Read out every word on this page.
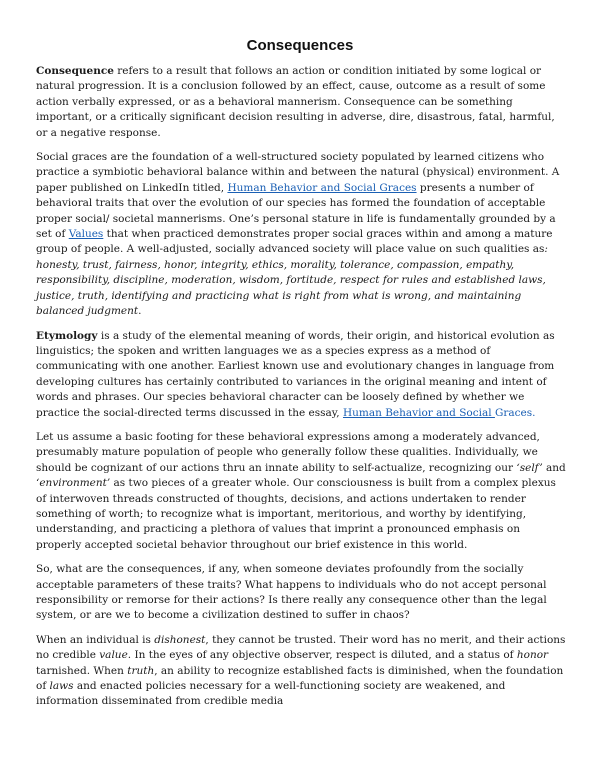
Consequences

Consequence refers to a result that follows an action or condition initiated by some logical or natural progression. It is a conclusion followed by an effect, cause, outcome as a result of some action verbally expressed, or as a behavioral mannerism. Consequence can be something important, or a critically significant decision resulting in adverse, dire, disastrous, fatal, harmful, or a negative response.

Social graces are the foundation of a well-structured society populated by learned citizens who practice a symbiotic behavioral balance within and between the natural (physical) environment. A paper published on LinkedIn titled, Human Behavior and Social Graces presents a number of behavioral traits that over the evolution of our species has formed the foundation of acceptable proper social/ societal mannerisms. One’s personal stature in life is fundamentally grounded by a set of Values that when practiced demonstrates proper social graces within and among a mature group of people. A well-adjusted, socially advanced society will place value on such qualities as: honesty, trust, fairness, honor, integrity, ethics, morality, tolerance, compassion, empathy, responsibility, discipline, moderation, wisdom, fortitude, respect for rules and established laws, justice, truth, identifying and practicing what is right from what is wrong, and maintaining balanced judgment.

Etymology is a study of the elemental meaning of words, their origin, and historical evolution as linguistics; the spoken and written languages we as a species express as a method of communicating with one another. Earliest known use and evolutionary changes in language from developing cultures has certainly contributed to variances in the original meaning and intent of words and phrases. Our species behavioral character can be loosely defined by whether we practice the social-directed terms discussed in the essay, Human Behavior and Social Graces.

Let us assume a basic footing for these behavioral expressions among a moderately advanced, presumably mature population of people who generally follow these qualities. Individually, we should be cognizant of our actions thru an innate ability to self-actualize, recognizing our ‘self’ and ‘environment’ as two pieces of a greater whole. Our consciousness is built from a complex plexus of interwoven threads constructed of thoughts, decisions, and actions undertaken to render something of worth; to recognize what is important, meritorious, and worthy by identifying, understanding, and practicing a plethora of values that imprint a pronounced emphasis on properly accepted societal behavior throughout our brief existence in this world.

So, what are the consequences, if any, when someone deviates profoundly from the socially acceptable parameters of these traits? What happens to individuals who do not accept personal responsibility or remorse for their actions? Is there really any consequence other than the legal system, or are we to become a civilization destined to suffer in chaos?

When an individual is dishonest, they cannot be trusted. Their word has no merit, and their actions no credible value. In the eyes of any objective observer, respect is diluted, and a status of honor tarnished. When truth, an ability to recognize established facts is diminished, when the foundation of laws and enacted policies necessary for a well-functioning society are weakened, and information disseminated from credible media
